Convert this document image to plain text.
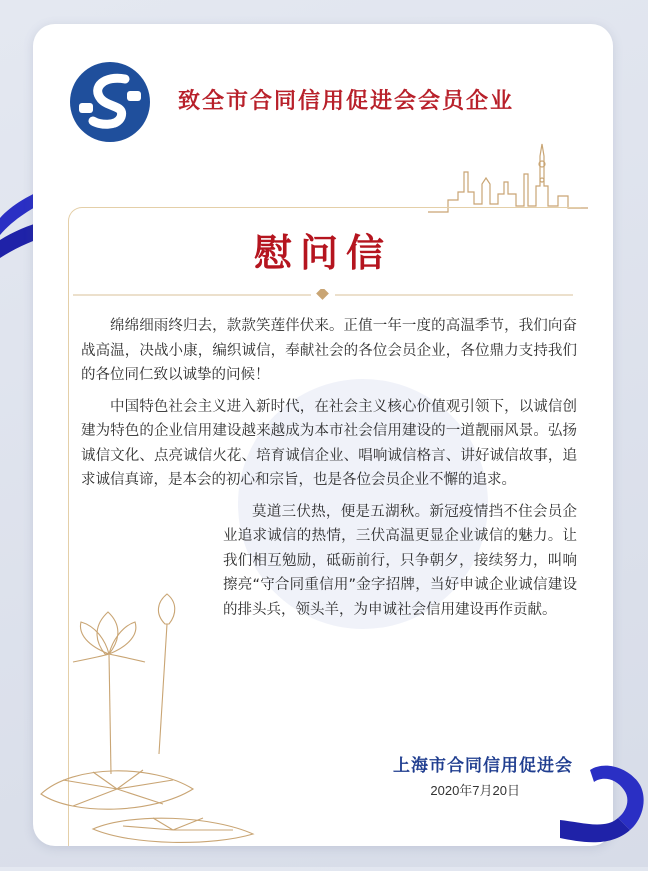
致全市合同信用促进会会员企业
慰问信

绵绵细雨终归去，款款笑莲伴伏来。正值一年一度的高温季节，我们向奋战高温，决战小康，编织诚信，奉献社会的各位会员企业，各位鼎力支持我们的各位同仁致以诚挚的问候！

中国特色社会主义进入新时代，在社会主义核心价值观引领下，以诚信创建为特色的企业信用建设越来越成为本市社会信用建设的一道靓丽风景。弘扬诚信文化、点亮诚信火花、培育诚信企业、唱响诚信格言、讲好诚信故事，追求诚信真谛，是本会的初心和宗旨，也是各位会员企业不懈的追求。

莫道三伏热，便是五湖秋。新冠疫情挡不住会员企业追求诚信的热情，三伏高温更显企业诚信的魅力。让我们相互勉励，砥砺前行，只争朝夕，接续努力，叫响擦亮“守合同重信用”金字招牌，当好申诚企业诚信建设的排头兵，领头羊，为申诚社会信用建设再作贡献。

上海市合同信用促进会

2020年7月20日
